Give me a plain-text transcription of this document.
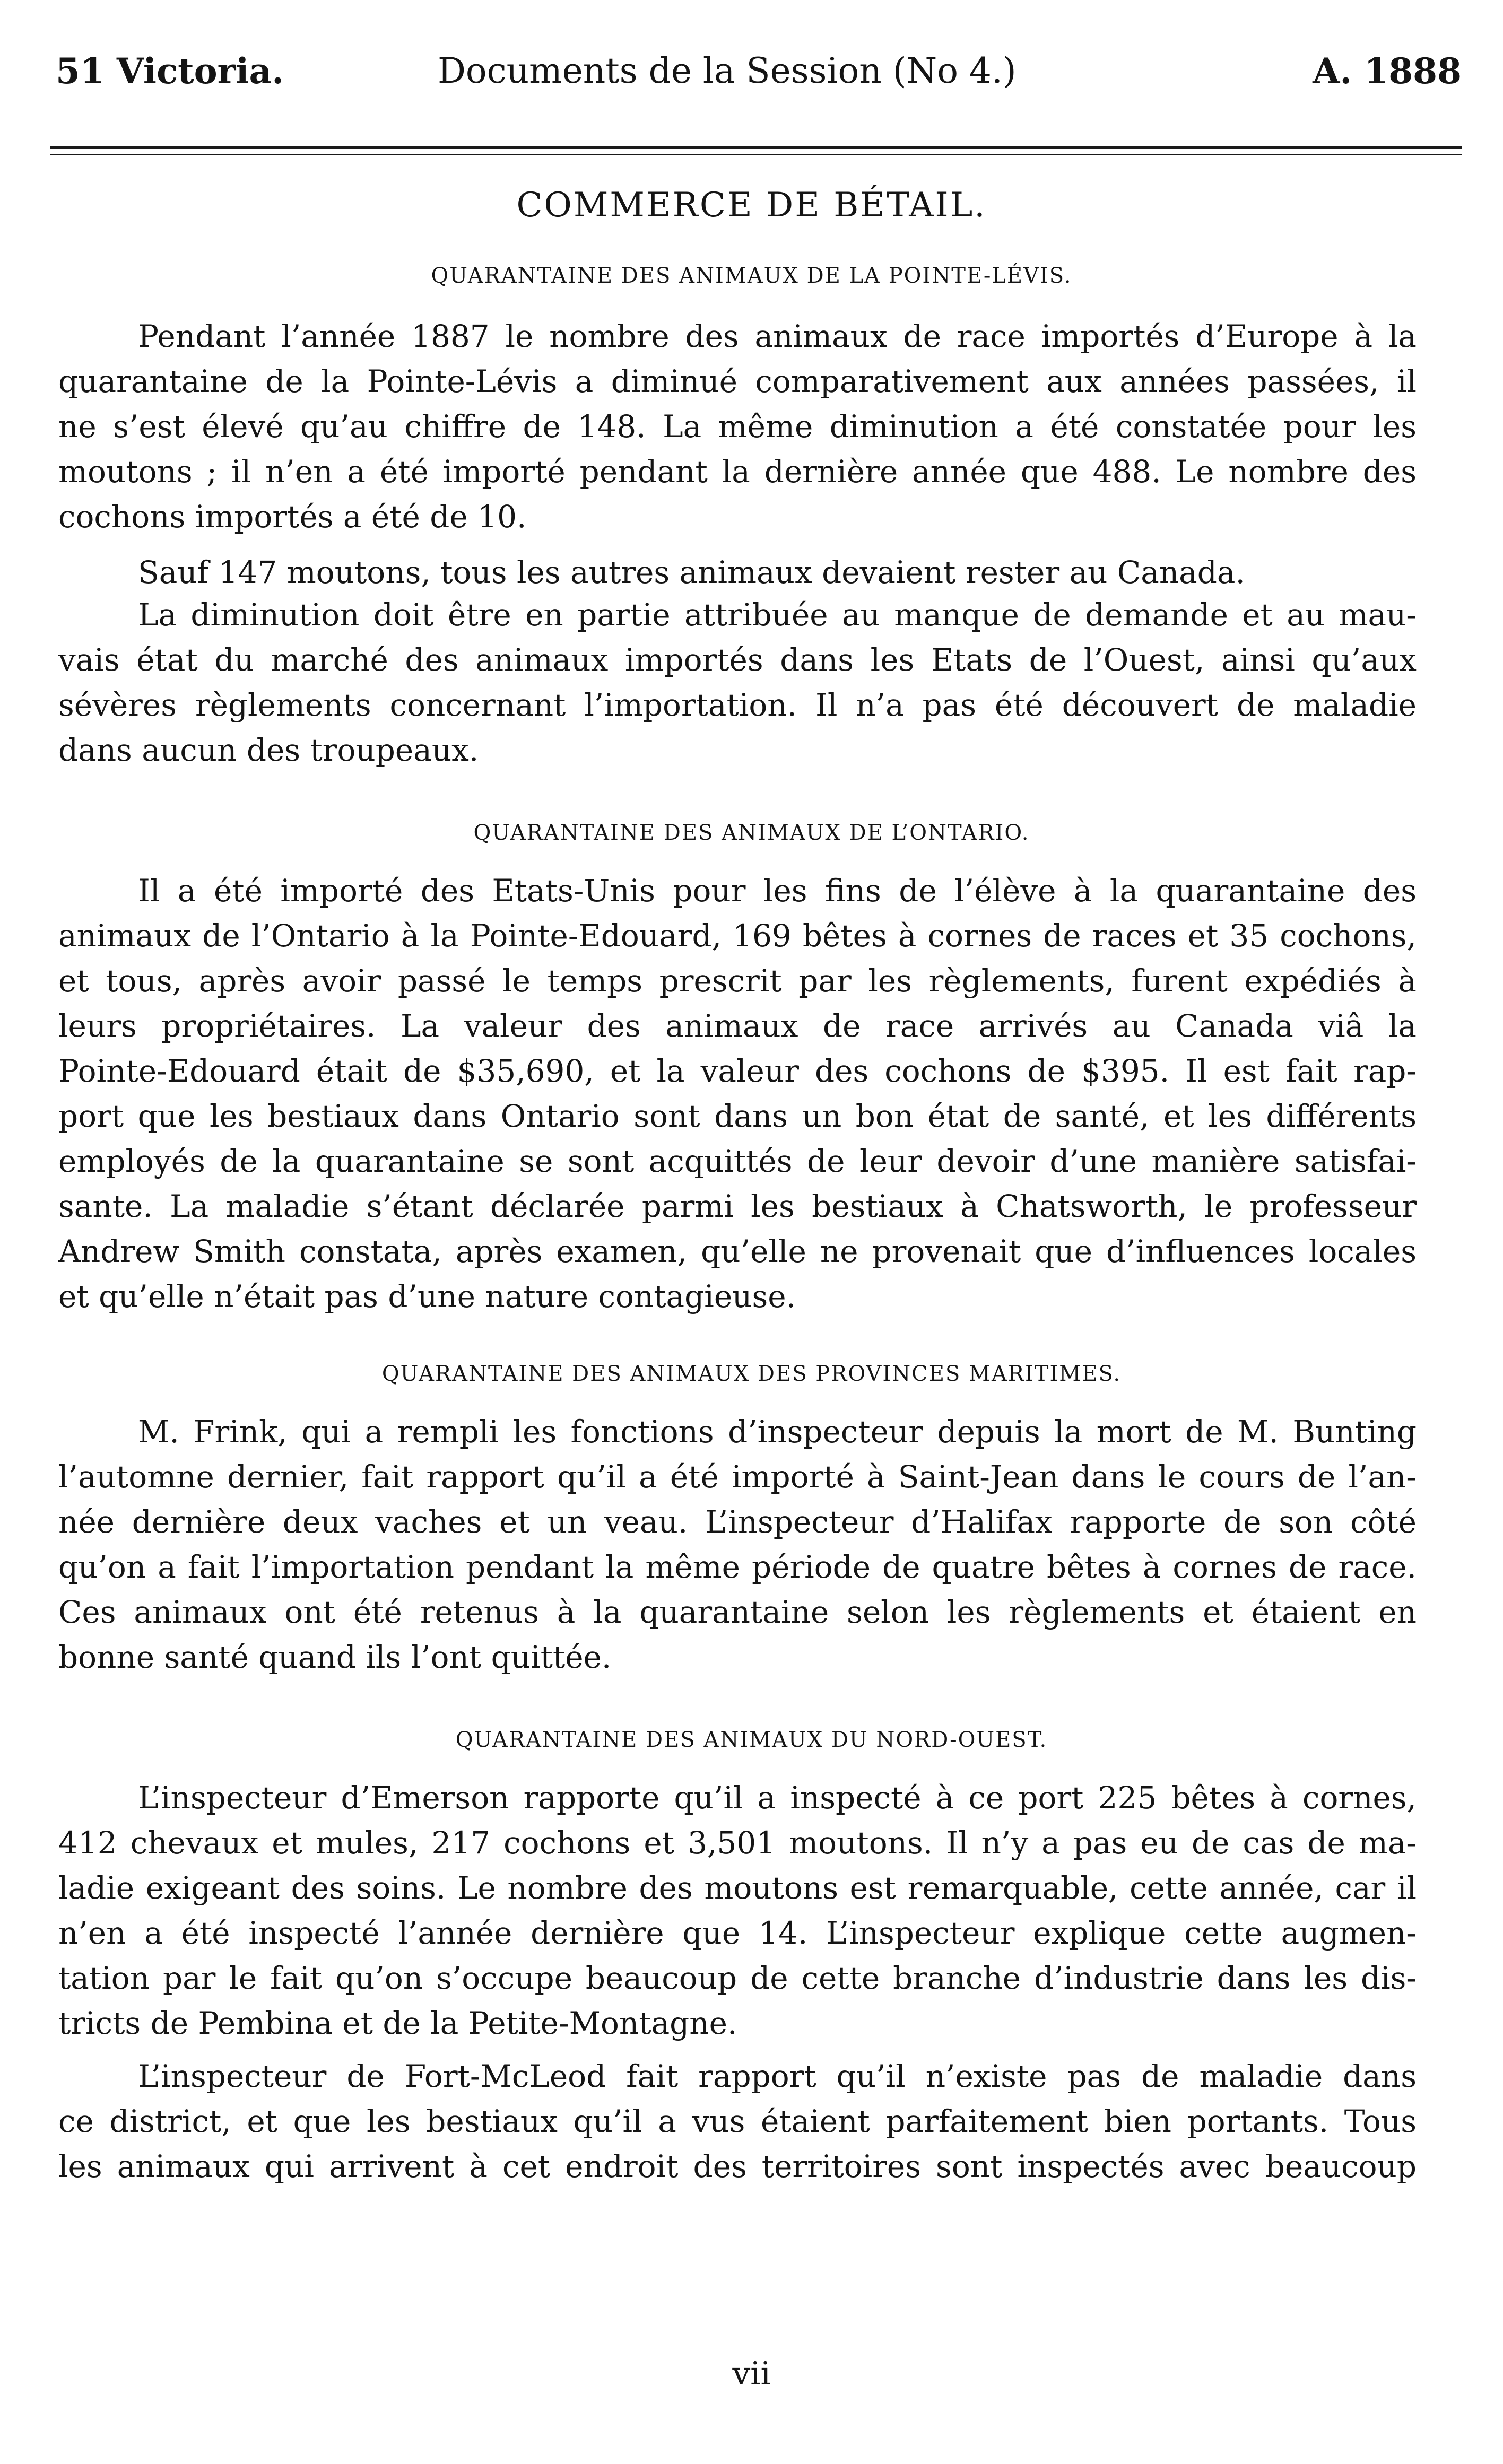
51 Victoria.	Documents de la Session (No 4.)	A. 1888
COMMERCE DE BÉTAIL.
QUARANTAINE DES ANIMAUX DE LA POINTE-LÉVIS.
Pendant l’année 1887 le nombre des animaux de race importés d’Europe à la
quarantaine de la Pointe-Lévis a diminué comparativement aux années passées, il
ne s’est élevé qu’au chiffre de 148. La même diminution a été constatée pour les
moutons ; il n’en a été importé pendant la dernière année que 488. Le nombre des
cochons importés a été de 10.
Sauf 147 moutons, tous les autres animaux devaient rester au Canada.
La diminution doit être en partie attribuée au manque de demande et au mau-
vais état du marché des animaux importés dans les Etats de l’Ouest, ainsi qu’aux
sévères règlements concernant l’importation. Il n’a pas été découvert de maladie
dans aucun des troupeaux.
QUARANTAINE DES ANIMAUX DE L’ONTARIO.
Il a été importé des Etats-Unis pour les fins de l’élève à la quarantaine des
animaux de l’Ontario à la Pointe-Edouard, 169 bêtes à cornes de races et 35 cochons,
et tous, après avoir passé le temps prescrit par les règlements, furent expédiés à
leurs propriétaires. La valeur des animaux de race arrivés au Canada viâ la
Pointe-Edouard était de $35,690, et la valeur des cochons de $395. Il est fait rap-
port que les bestiaux dans Ontario sont dans un bon état de santé, et les différents
employés de la quarantaine se sont acquittés de leur devoir d’une manière satisfai-
sante. La maladie s’étant déclarée parmi les bestiaux à Chatsworth, le professeur
Andrew Smith constata, après examen, qu’elle ne provenait que d’influences locales
et qu’elle n’était pas d’une nature contagieuse.
QUARANTAINE DES ANIMAUX DES PROVINCES MARITIMES.
M. Frink, qui a rempli les fonctions d’inspecteur depuis la mort de M. Bunting
l’automne dernier, fait rapport qu’il a été importé à Saint-Jean dans le cours de l’an-
née dernière deux vaches et un veau. L’inspecteur d’Halifax rapporte de son côté
qu’on a fait l’importation pendant la même période de quatre bêtes à cornes de race.
Ces animaux ont été retenus à la quarantaine selon les règlements et étaient en
bonne santé quand ils l’ont quittée.
QUARANTAINE DES ANIMAUX DU NORD-OUEST.
L’inspecteur d’Emerson rapporte qu’il a inspecté à ce port 225 bêtes à cornes,
412 chevaux et mules, 217 cochons et 3,501 moutons. Il n’y a pas eu de cas de ma-
ladie exigeant des soins. Le nombre des moutons est remarquable, cette année, car il
n’en a été inspecté l’année dernière que 14. L’inspecteur explique cette augmen-
tation par le fait qu’on s’occupe beaucoup de cette branche d’industrie dans les dis-
tricts de Pembina et de la Petite-Montagne.
L’inspecteur de Fort-McLeod fait rapport qu’il n’existe pas de maladie dans
ce district, et que les bestiaux qu’il a vus étaient parfaitement bien portants. Tous
les animaux qui arrivent à cet endroit des territoires sont inspectés avec beaucoup
vii
